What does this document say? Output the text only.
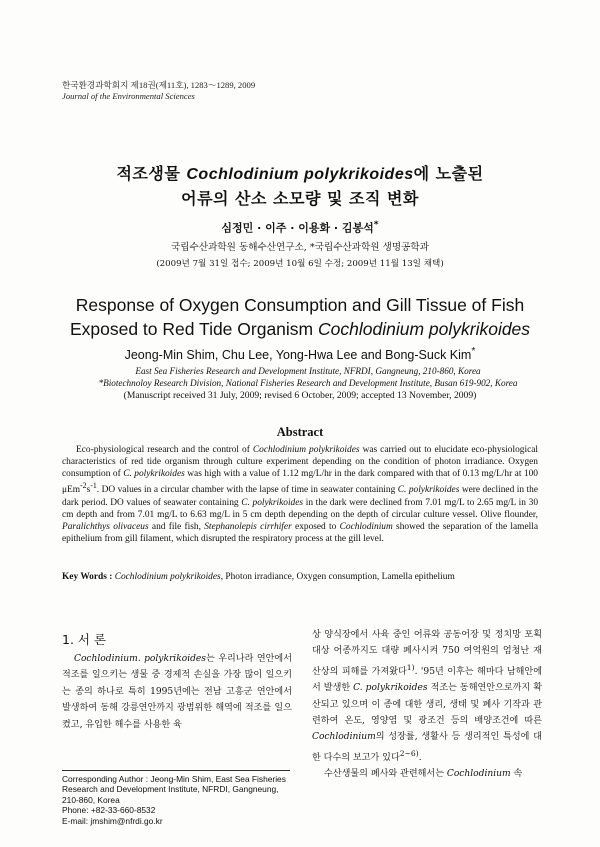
한국환경과학회지 제18권(제11호), 1283～1289, 2009
Journal of the Environmental Sciences
적조생물 Cochlodinium polykrikoides에 노출된
어류의 산소 소모량 및 조직 변화
심정민 · 이주 · 이용화 · 김봉석*
국립수산과학원 동해수산연구소, *국립수산과학원 생명공학과
(2009년 7월 31일 접수; 2009년 10월 6일 수정; 2009년 11월 13일 채택)
Response of Oxygen Consumption and Gill Tissue of Fish
Exposed to Red Tide Organism Cochlodinium polykrikoides
Jeong-Min Shim, Chu Lee, Yong-Hwa Lee and Bong-Suck Kim*
East Sea Fisheries Research and Development Institute, NFRDI, Gangneung, 210-860, Korea
*Biotechnoloy Research Division, National Fisheries Research and Development Institute, Busan 619-902, Korea
(Manuscript received 31 July, 2009; revised 6 October, 2009; accepted 13 November, 2009)
Abstract

Eco-physiological research and the control of Cochlodinium polykrikoides was carried out to elucidate eco-physiological characteristics of red tide organism through culture experiment depending on the condition of photon irradiance. Oxygen consumption of C. polykrikoides was high with a value of 1.12 mg/L/hr in the dark compared with that of 0.13 mg/L/hr at 100 $\mu Em^{-2}s^{-1}$. DO values in a circular chamber with the lapse of time in seawater containing C. polykrikoides were declined in the dark period. DO values of seawater containing C. polykrikoides in the dark were declined from 7.01 mg/L to 2.65 mg/L in 30 cm depth and from 7.01 mg/L to 6.63 mg/L in 5 cm depth depending on the depth of circular culture vessel. Olive flounder, Paralichthys olivaceus and file fish, Stephanolepis cirrhifer exposed to Cochlodinium showed the separation of the lamella epithelium from gill filament, which disrupted the respiratory process at the gill level.

Key Words : Cochlodinium polykrikoides, Photon irradiance, Oxygen consumption, Lamella epithelium
1. 서 론

Cochlodinium. polykrikoides는 우리나라 연안에서 적조를 일으키는 생물 중 경제적 손실을 가장 많이 일으키는 종의 하나로 특히 1995년에는 전남 고흥군 연안에서 발생하여 동해 강릉연안까지 광범위한 해역에 적조를 일으켰고, 유입한 해수를 사용한 육

상 양식장에서 사육 중인 어류와 공동어장 및 정치망 포획대상 어종까지도 대량 폐사시켜 750 여억원의 엄청난 재산상의 피해를 가져왔다$^{1)}$. '95년 이후는 해마다 남해안에서 발생한 C. polykrikoides 적조는 동해연안으로까지 확산되고 있으며 이 종에 대한 생리, 생태 및 폐사 기작과 관련하여 온도, 영양염 및 광조건 등의 배양조건에 따른 Cochlodinium의 성장률, 생활사 등 생리적인 특성에 대한 다수의 보고가 있다$^{2\sim 6)}$.

수산생물의 폐사와 관련해서는 Cochlodinium 속

Corresponding Author : Jeong-Min Shim, East Sea Fisheries

Research and Development Institute, NFRDI, Gangneung,

210-860, Korea

Phone: +82-33-660-8532

E-mail: jmshim@nfrdi.go.kr
